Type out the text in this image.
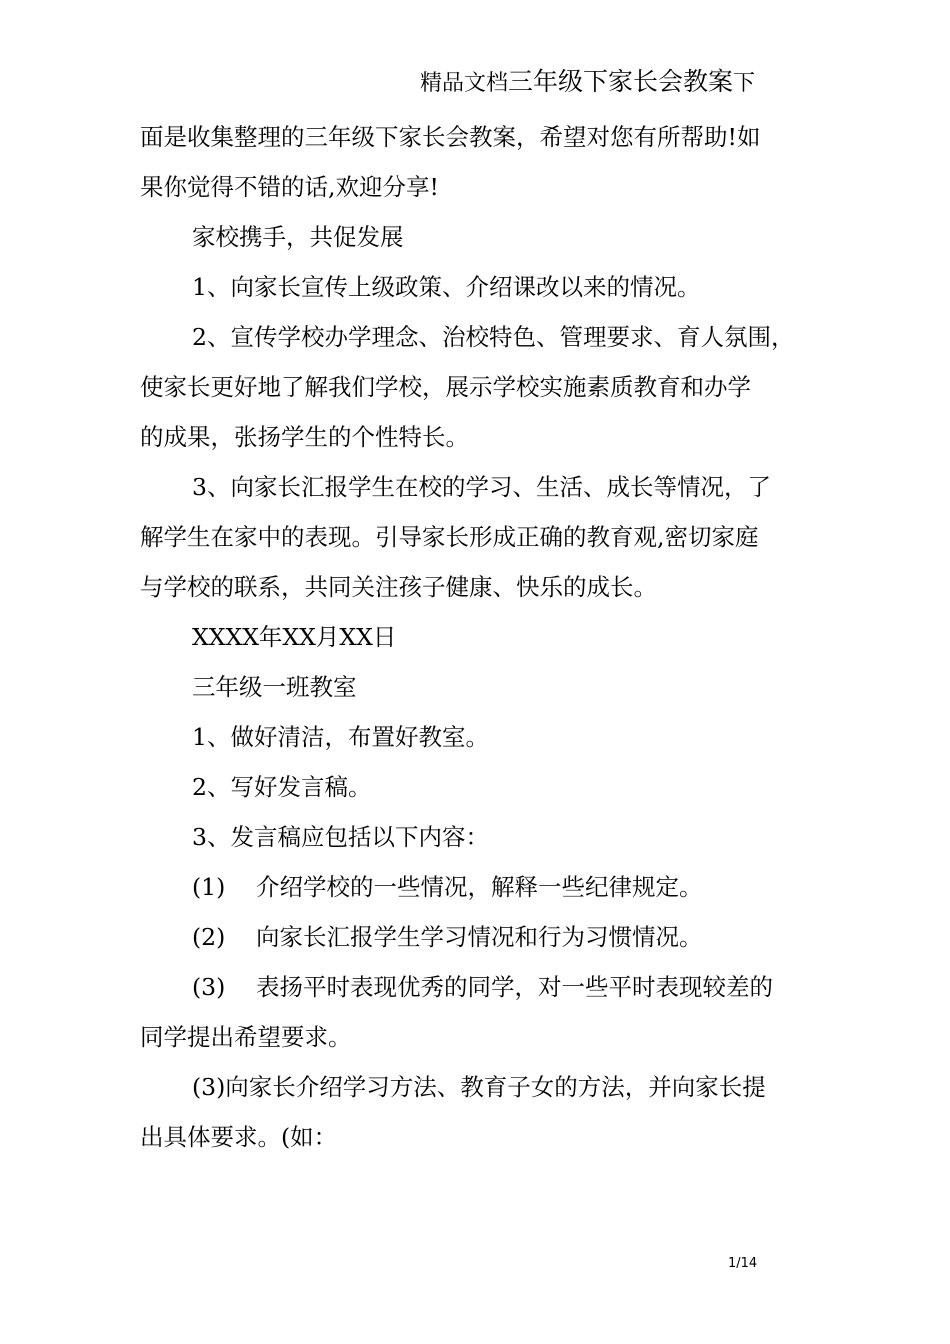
精品文档三年级下家长会教案下

面是收集整理的三年级下家长会教案，希望对您有所帮助!如
果你觉得不错的话,欢迎分享!

家校携手，共促发展

1、向家长宣传上级政策、介绍课改以来的情况。

2、宣传学校办学理念、治校特色、管理要求、育人氛围，
使家长更好地了解我们学校，展示学校实施素质教育和办学
的成果，张扬学生的个性特长。

3、向家长汇报学生在校的学习、生活、成长等情况，了
解学生在家中的表现。引导家长形成正确的教育观,密切家庭
与学校的联系，共同关注孩子健康、快乐的成长。

XXXX年XX月XX日

三年级一班教室

1、做好清洁，布置好教室。

2、写好发言稿。

3、发言稿应包括以下内容：

(1) 介绍学校的一些情况，解释一些纪律规定。

(2) 向家长汇报学生学习情况和行为习惯情况。

(3) 表扬平时表现优秀的同学，对一些平时表现较差的
同学提出希望要求。

(3)向家长介绍学习方法、教育子女的方法，并向家长提
出具体要求。(如：

1/14
